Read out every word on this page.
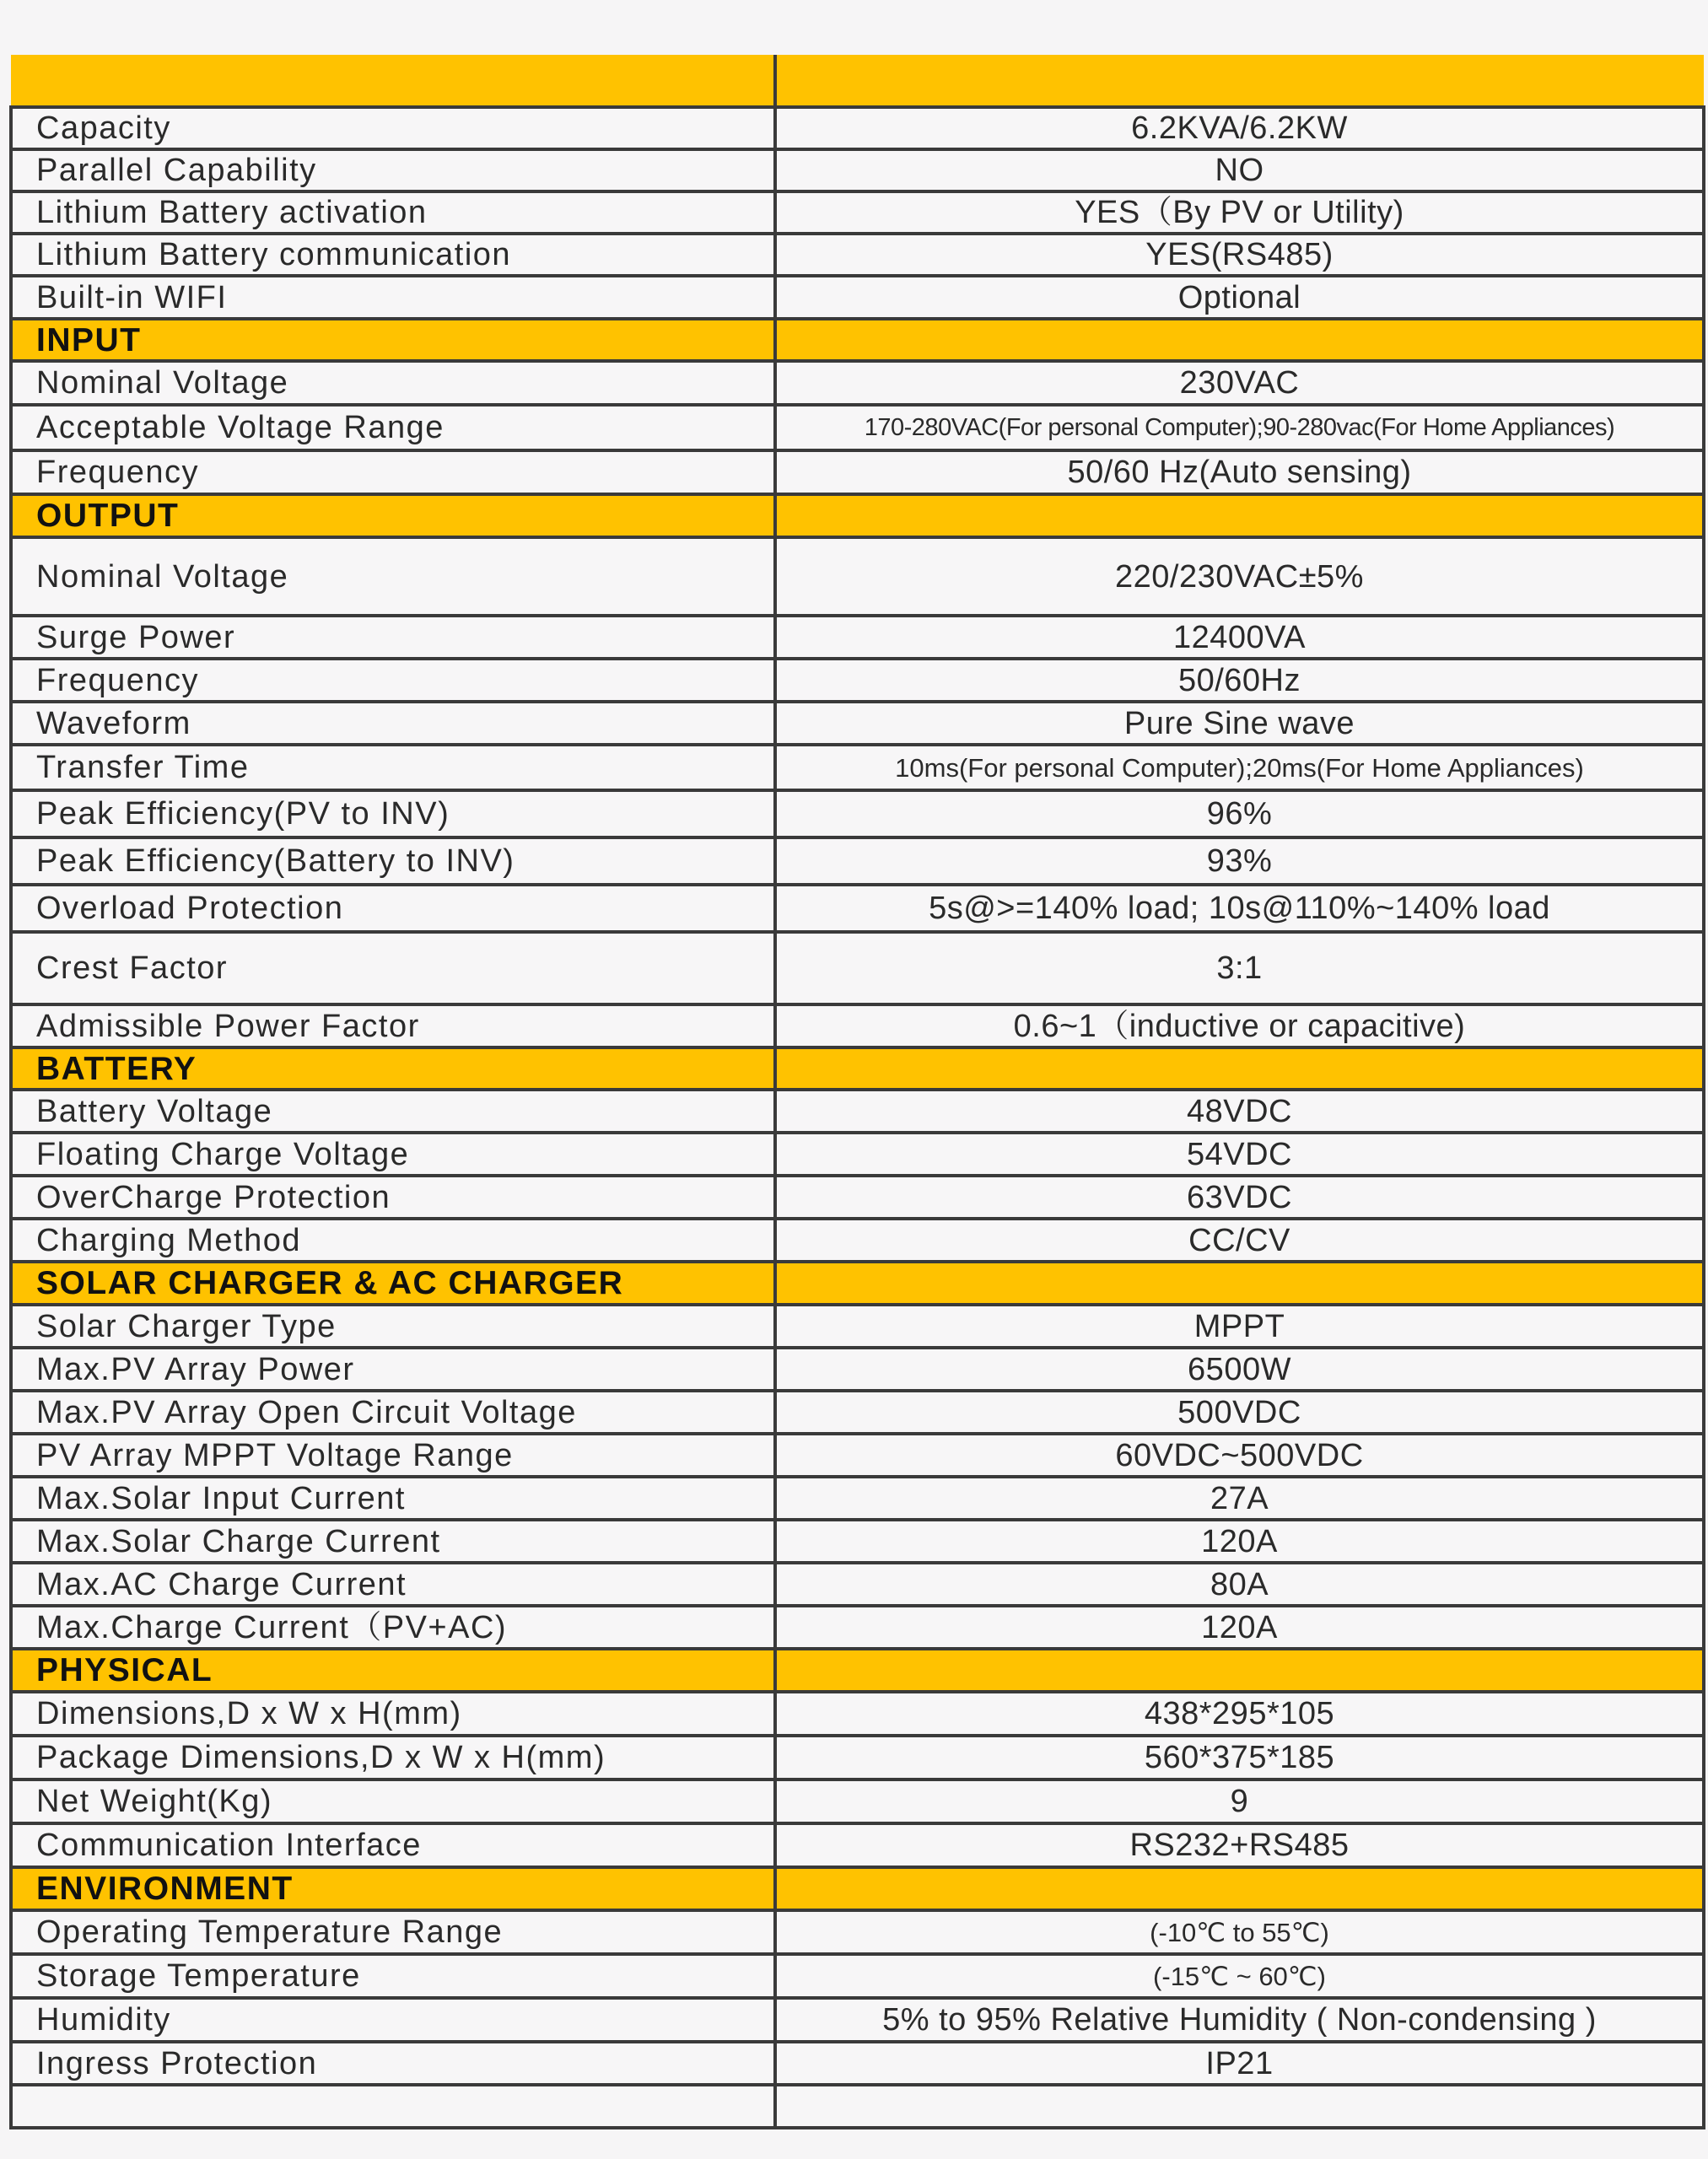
Capacity	6.2KVA/6.2KW
Parallel Capability	NO
Lithium Battery activation	YES（By PV or Utility)
Lithium Battery communication	YES(RS485)
Built-in WIFI	Optional
INPUT	
Nominal Voltage	230VAC
Acceptable Voltage Range	170-280VAC(For personal Computer);90-280vac(For Home Appliances)
Frequency	50/60 Hz(Auto sensing)
OUTPUT	
Nominal Voltage	220/230VAC±5%
Surge Power	12400VA
Frequency	50/60Hz
Waveform	Pure Sine wave
Transfer Time	10ms(For personal Computer);20ms(For Home Appliances)
Peak Efficiency(PV to INV)	96%
Peak Efficiency(Battery to INV)	93%
Overload Protection	5s@>=140% load; 10s@110%~140% load
Crest Factor	3:1
Admissible Power Factor	0.6~1（inductive or capacitive)
BATTERY	
Battery Voltage	48VDC
Floating Charge Voltage	54VDC
OverCharge Protection	63VDC
Charging Method	CC/CV
SOLAR CHARGER & AC CHARGER	
Solar Charger Type	MPPT
Max.PV Array Power	6500W
Max.PV Array Open Circuit Voltage	500VDC
PV Array MPPT Voltage Range	60VDC~500VDC
Max.Solar Input Current	27A
Max.Solar Charge Current	120A
Max.AC Charge Current	80A
Max.Charge Current（PV+AC)	120A
PHYSICAL	
Dimensions,D x W x H(mm)	438*295*105
Package Dimensions,D x W x H(mm)	560*375*185
Net Weight(Kg)	9
Communication Interface	RS232+RS485
ENVIRONMENT	
Operating Temperature Range	(-10℃ to 55℃)
Storage Temperature	(-15℃ ~ 60℃)
Humidity	5% to 95% Relative Humidity ( Non-condensing )
Ingress Protection	IP21
